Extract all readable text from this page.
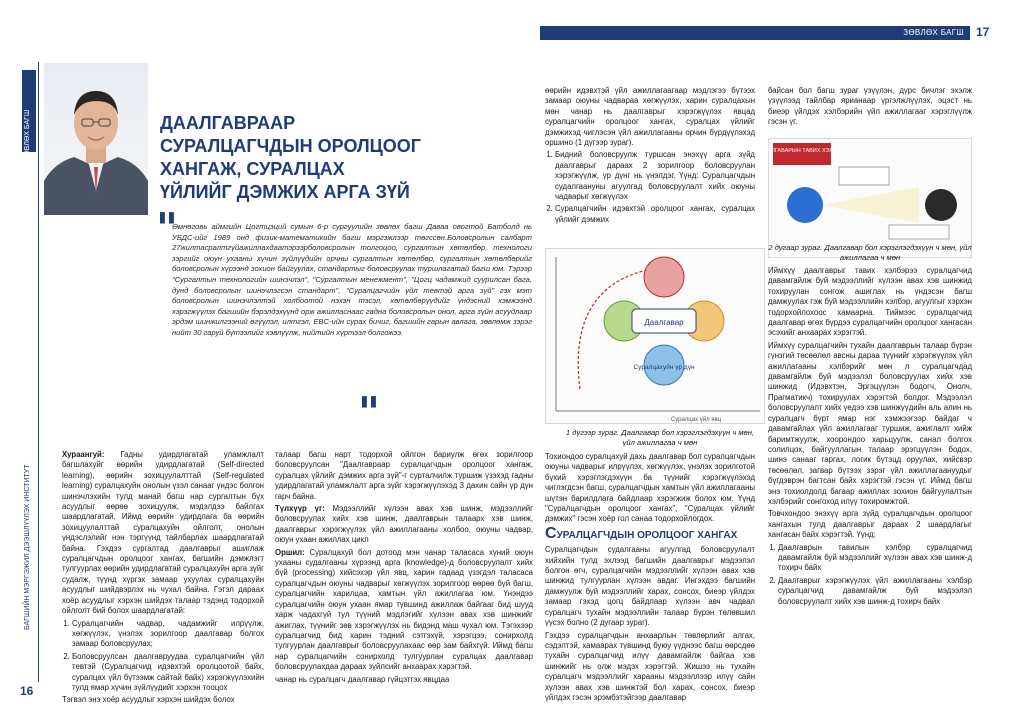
ЗӨВЛӨХ БАГШ	17
ЗӨВЛӨХ БАГШ
БАГШИЙН МЭРГЭЖИЛ ДЭЭШЛҮҮЛЭХ ИНСТИТУТ
16
ДААЛГАВРААР
СУРАЛЦАГЧДЫН ОРОЛЦООГ
ХАНГАЖ, СУРАЛЦАХ
ҮЙЛИЙГ ДЭМЖИХ АРГА ЗҮЙ
"
Өмнөговь аймгийн Цогтцэций сумын 6-р сургуулийн зөвлөх багш Даваа овогтой Батболд нь УБДС-ийг 1989 онд физик-математикийн багш мэргэжлээр төгссөн.Боловсролын салбарт 27жилтасралтгүйажиллахдаатэрээрболовсролын толгоцоо, сургалтын хөтөлбөр, технологи зэргийг оюун ухааны хүчин зүйлүүдийн орчны сургалтын хөтөлбөр, сургалтын хөтөлбөрийг боловсролын хүрээнд зохион байгуулах, стандартыг боловсруулах туршлагатай багш юм. Тэрээр "Сургалтын технологийн шинэчлэл", "Сургалтын менежмент", "Цогц чадамжид суурилсан бага, дунд боловсролын шинэчлэгсэн стандарт", "Суралцагчийн үйл тевтэй арга зүй" гэх мэт боловсролын шинэчлэлтэй холбоотой нэхэн тэсэл, хөтөлбөрүүдийг үндэсний хэмжээнд хэрэгжүүлэх багшийн бэрэлдэхүүнд орж ажилласнаас гадна боловсролын онол, арга зүйн асуудлаар эрдэм шинжилгээний өгүүлэл, илтгэл, EBC-ийн сурах бичиг, багшийн гарын авлага, зөвлөмж зэрэг нийт 30 гаруй бүтээлийг хэвлүүлж, нийтийн хүртээл болгожээ.
"

Хураангуй: Гадны удирдлагатай уламжлалт багшлахуйг өөрийн удирдлагатай (Self-directed learning), өөрийн зохицуулалттай (Self-regulated learning) суралцахуйн онолын үзэл санааг үндэс болгон шинэчлэхийн тулд манай багш нар сургалтын бүх асуудлыг өөрөө зохицуулж, мэдэлдээ байлгах шаардлагатай. Иймд өөрийн удирдлага ба өөрийн зохицуулалттай суралцахуйн ойлголт, онолын үндэслэлийг нэн тэргүүнд тайлбарлах шаардлагатай байна. Гэхдээ сургалтад даалгаврыг ашиглаж суралцагчдын оролцоог хангах, багшийн дэмжлэгт тулгуурлах өөрийн удирдлагатай суралцахуйн арга зүйг судалж, түүнд хүргэх замаар ухуулах суралцахуйн асуудлыг шийдвэрлэх нь чухал байна. Гэтэл дараах хоёр асуудлыг хэрхэн шийдэх талаар тэдэнд тодорхой ойлголт бий болох шаардлагатай:

1. Суралцагчийн чадвар, чадамжийг илрүүлж, хөгжүүлэх, үнэлэх зорилгоор даалгавар болгох замаар боловсруулах;
2. Боловсруулсан даалгавруудаа суралцагчийн үйл тевтэй (Суралцагчид идэвхтэй оролцоотой байх, суралцах үйл бүтээмж сайтай байх) хэрэгжүүлэхийн тулд ямар хүчин зүйлүүдийг хэрхэн тооцох

Тэгвэл энэ хоёр асуудлыг хэрхэн шийдэх болох

талаар багш нарт тодорхой ойлгон бариулж өгөх зорилгоор боловсруулсан "Даалгавраар суралцагчдын оролцоог хангаж, суралцах үйлийг дэмжих арга зүй"-г сурталчилж туршиж үзэхэд гадны удирдлагатай уламжлалт арга зүйг хэрэгжүүлэхэд 3 дахин сайн үр дүн гарч байна.

Түлхүүр үг: Мэдээллийг хүлээн авах хэв шинж, мэдээллийг боловсруулах хийх хэв шинж, даалгаврын талаарх хэв шинж, даалгаврыг хэрэгжүүлэх үйл ажиллагааны холбоо, оюуны чадвар, оюун ухаан ажиллах цикл

Оршил: Суралцахуй бол дотоод мэн чанар таласаса хүний оюун ухааны судалгааны хүрээнд арга (knowledge)-д боловсруулалт хийх бүй (processing) хийсэхэр үйл явц, харин гадаад үзэгдэл таласаса суралцагчдын оюуны чадварыг хөгжүүлэх зорилгоор өөрөө бүй багш, суралцагчийн харилцаа, хамтын үйл ажиллагаа юм. Үнэндээ суралцагчийн оюун ухаан ямар түвшинд ажиллаж байгааг бид шууд харж чадахгүй тул түүний мэдлэгийг хүлээн авах хэв шинжийг ажиглах, түүнийг зөв хэрэгжүүлэх нь бидэнд маш чухал юм. Тэгэхээр суралцагчид бид харин тэдний сэтгэхүй, хэрэгцээ, сонирхолд тулгуурлан даалгаврыг боловсруулахаас өөр зам байхгүй. Иймд багш нар суралцагчийн сонирхолд тулгуурлан суралцах даалгавар боловсруулахдаа дараах зүйлсийг анхаарах хэрэгтэй.

чанар нь суралцагч даалгавар гүйцэтгэх явцдаа

өөрийн идэвхтэй үйл ажиллагаагаар мэдлэгээ бүтээх замаар оюуны чадвараа хөгжүүлэх, харин суралцахын мөн чанар нь даалгаврыг хэрэгжүүлэх явцад суралцагчийн оролцоог хангах, суралцах үйлийг дэмжихэд чиглэсэн үйл ажиллагааны орчин бүрдүүлэхэд оршино (1 дүгээр зураг).

1. Бидний боловсруулж туршсан энэхүү арга зүйд даалгаврыг дараах 2 зорилгоор боловсруулан хэрэгжүүлж, үр дүнг нь үнэлдэг. Үүнд: Суралцагчдын судалгаануны агуулгад боловсруулалт хийх оюуны чадварыг хөгжүүлэх
2. Суралцагчийн идэвхтэй оролцоог хангах, суралцах үйлийг дэмжих
Даалгавар
Суралцахуйн үр дүн
Суралцах үйл явц
1 дүгээр зураг. Даалгавар бол хэрэглэгдэхүүн ч мөн, үйл ажиллагаа ч мөн

Тохиондоо суралцахуй дахь даалгавар бол суралцагчдын оюуны чадварыг илрүүлэх, хөгжүүлэх, үнэлэх зорилготой бүхий хэрэглэгдэхүүн ба түүнийг хэрэгжүүлэхэд чиглэгдсэн багш, суралцагчдын хамтын үйл ажиллагааны шүтэн барилдлага байдлаар хэрэгжиж болох юм. Үүнд "Суралцагчдын оролцоог хангах", "Суралцах үйлийг дэмжих" гэсэн хоёр гол санаа тодорхойлогдох.

СУРАЛЦАГЧДЫН ОРОЛЦООГ ХАНГАХ

Суралцагчдын судалгааны агуулгад боловсруулалт хийхийн тулд эхлээд багшийн даалгаврыг мэдээлэл болгон өгч, суралцагчийн мэдээллийг хүлээн авах хэв шинжид тулгуурлан хүлээн авдаг. Ингэхдээ багшийн дамжуулж буй мэдээллийг харах, сонсох, биеэр үйлдэх замаар гэхэд цогц байдлаар хүлээн авч чадвал суралцагч тухайн мэдээллийн талаар бүрэн төлөвшил үүсэх болно (2 дугаар зураг).

Гэхдээ суралцагчдын анхаарлын төвлөрлийг алгах, сэдэлтэй, хамаарах түвшинд буюу үүднээс багш өөрсдөө тухайн суралцагчид илүү давамгайлж байгаа хэв шинжийг нь олж мэдэх хэрэгтэй. Жишээ нь тухайн суралцагч мэдээллийг харааны мэдээллээр илүү сайн хүлээн авах хэв шинжтэй бол харах, сонсох, биеэр үйлдэх гэсэн эрэмбэтэйгээр даалгавар

байсан бол багш зураг үзүүлэн, дүрс бичлэг эхэлж үзүүлээд тайлбар ярианаар үргэлжлүүлэх, эцэст нь биеэр үйлдэх хэлбэрийн үйл ажиллагааг хэрэглүүлж гэсэн үг.

ДААЛГАВАРЫН ТАВИХ ХЭЛБЭР
2 дугаар зураг. Даалгавар бол хэрэглэгдэхүүн ч мөн, үйл ажиллагаа ч мөн

Иймхүү даалгаврыг тавих хэлбэрээ суралцагчид давамгайлж буй мэдээллийг хүлээн авах хэв шинжид тохируулан сонгож ашиглах нь үндэсэн багш дамжуулах гэж буй мэдээллийн хэлбэр, агуулгыг хэрхэн тодорхойлохоос хамаарна. Тиймээс суралцагчид даалгавар өгөх бүрдээ суралцагчийн оролцоог хангасан эсэхийг анхаарах хэрэгтэй.

Иймхүү суралцагчийн тухайн даалгаврын талаар бүрэн гүнзгий төсөөлөл авсны дараа түүнийг хэрэгжүүлэх үйл ажиллагааны хэлбэрийг мөн л суралцагчдад давамгайлж буй мэдээлэл боловсруулах хийх хэв шинжид (Идэвхтэн, Эргэцүүлэн бодогч, Онолч, Прагматикч) тохируулах хэрэгтэй болдог. Мэдээлэл боловсруулалт хийх үедээ хэв шинжүүдийн аль алин нь суралцагч бүрт ямар нэг хэмжээгээр байдаг ч давамгайлах үйл ажиллагааг туршиж, ажиглалт хийж баримтжуулж, хоорондоо харьцуулж, санал болгох солилцох, байгууллагын талаар эрэгцүүлэн бодох, шинэ санааг гаргах, логик бүтэцд оруулах, хийсвэр төсөөлөл, загвар бүтээх зэрэг үйл ажиллагаануудыг бүгдэврэн багтсан байх хэрэгтэй гэсэн үг. Иймд багш энэ тохиолдолд багаар ажиллах зохион байгуулалтын хэлбэрийг сонгоход илүү тохиромжтой.

Товчхондоо энэхүү арга зүйд суралцагчдын оролцоог хангахын тулд даалгаврыг дараах 2 шаардлагыг хангасан байх хэрэгтэй. Үүнд:

1. Даалгаврын тавилын хэлбэр суралцагчид давамгайлж буй мэдээллийг хүлээн авах хэв шинж-д тохирч байх
2. Даалгаврыг хэрэгжүүлэх үйл ажиллагааны хэлбэр суралцагчид давамгайлж буй мэдээлэл боловсруулалт хийх хэв шинж-д тохирч байх
